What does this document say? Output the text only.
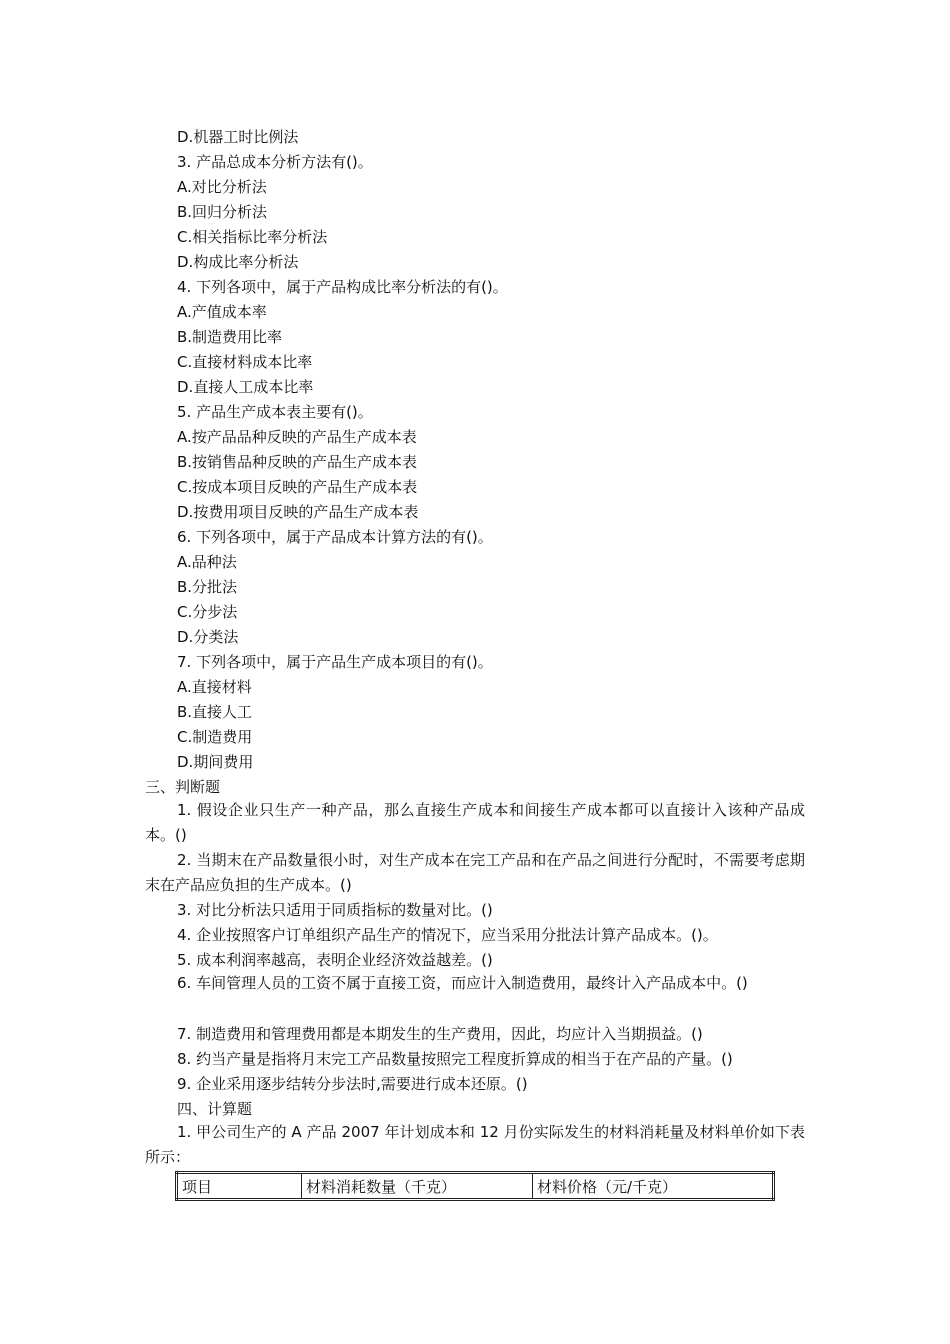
D.机器工时比例法
3. 产品总成本分析方法有()。
A.对比分析法
B.回归分析法
C.相关指标比率分析法
D.构成比率分析法
4. 下列各项中，属于产品构成比率分析法的有()。
A.产值成本率
B.制造费用比率
C.直接材料成本比率
D.直接人工成本比率
5. 产品生产成本表主要有()。
A.按产品品种反映的产品生产成本表
B.按销售品种反映的产品生产成本表
C.按成本项目反映的产品生产成本表
D.按费用项目反映的产品生产成本表
6. 下列各项中，属于产品成本计算方法的有()。
A.品种法
B.分批法
C.分步法
D.分类法
7. 下列各项中，属于产品生产成本项目的有()。
A.直接材料
B.直接人工
C.制造费用
D.期间费用
三、判断题
1. 假设企业只生产一种产品，那么直接生产成本和间接生产成本都可以直接计入该种产品成本。()
2. 当期末在产品数量很小时，对生产成本在完工产品和在产品之间进行分配时，不需要考虑期末在产品应负担的生产成本。()
3. 对比分析法只适用于同质指标的数量对比。()
4. 企业按照客户订单组织产品生产的情况下，应当采用分批法计算产品成本。()。
5. 成本利润率越高，表明企业经济效益越差。()
6. 车间管理人员的工资不属于直接工资，而应计入制造费用，最终计入产品成本中。()
7. 制造费用和管理费用都是本期发生的生产费用，因此，均应计入当期损益。()
8. 约当产量是指将月末完工产品数量按照完工程度折算成的相当于在产品的产量。()
9. 企业采用逐步结转分步法时,需要进行成本还原。()
四、计算题
1. 甲公司生产的 A 产品 2007 年计划成本和 12 月份实际发生的材料消耗量及材料单价如下表所示：
项目	材料消耗数量（千克）	材料价格（元/千克）
